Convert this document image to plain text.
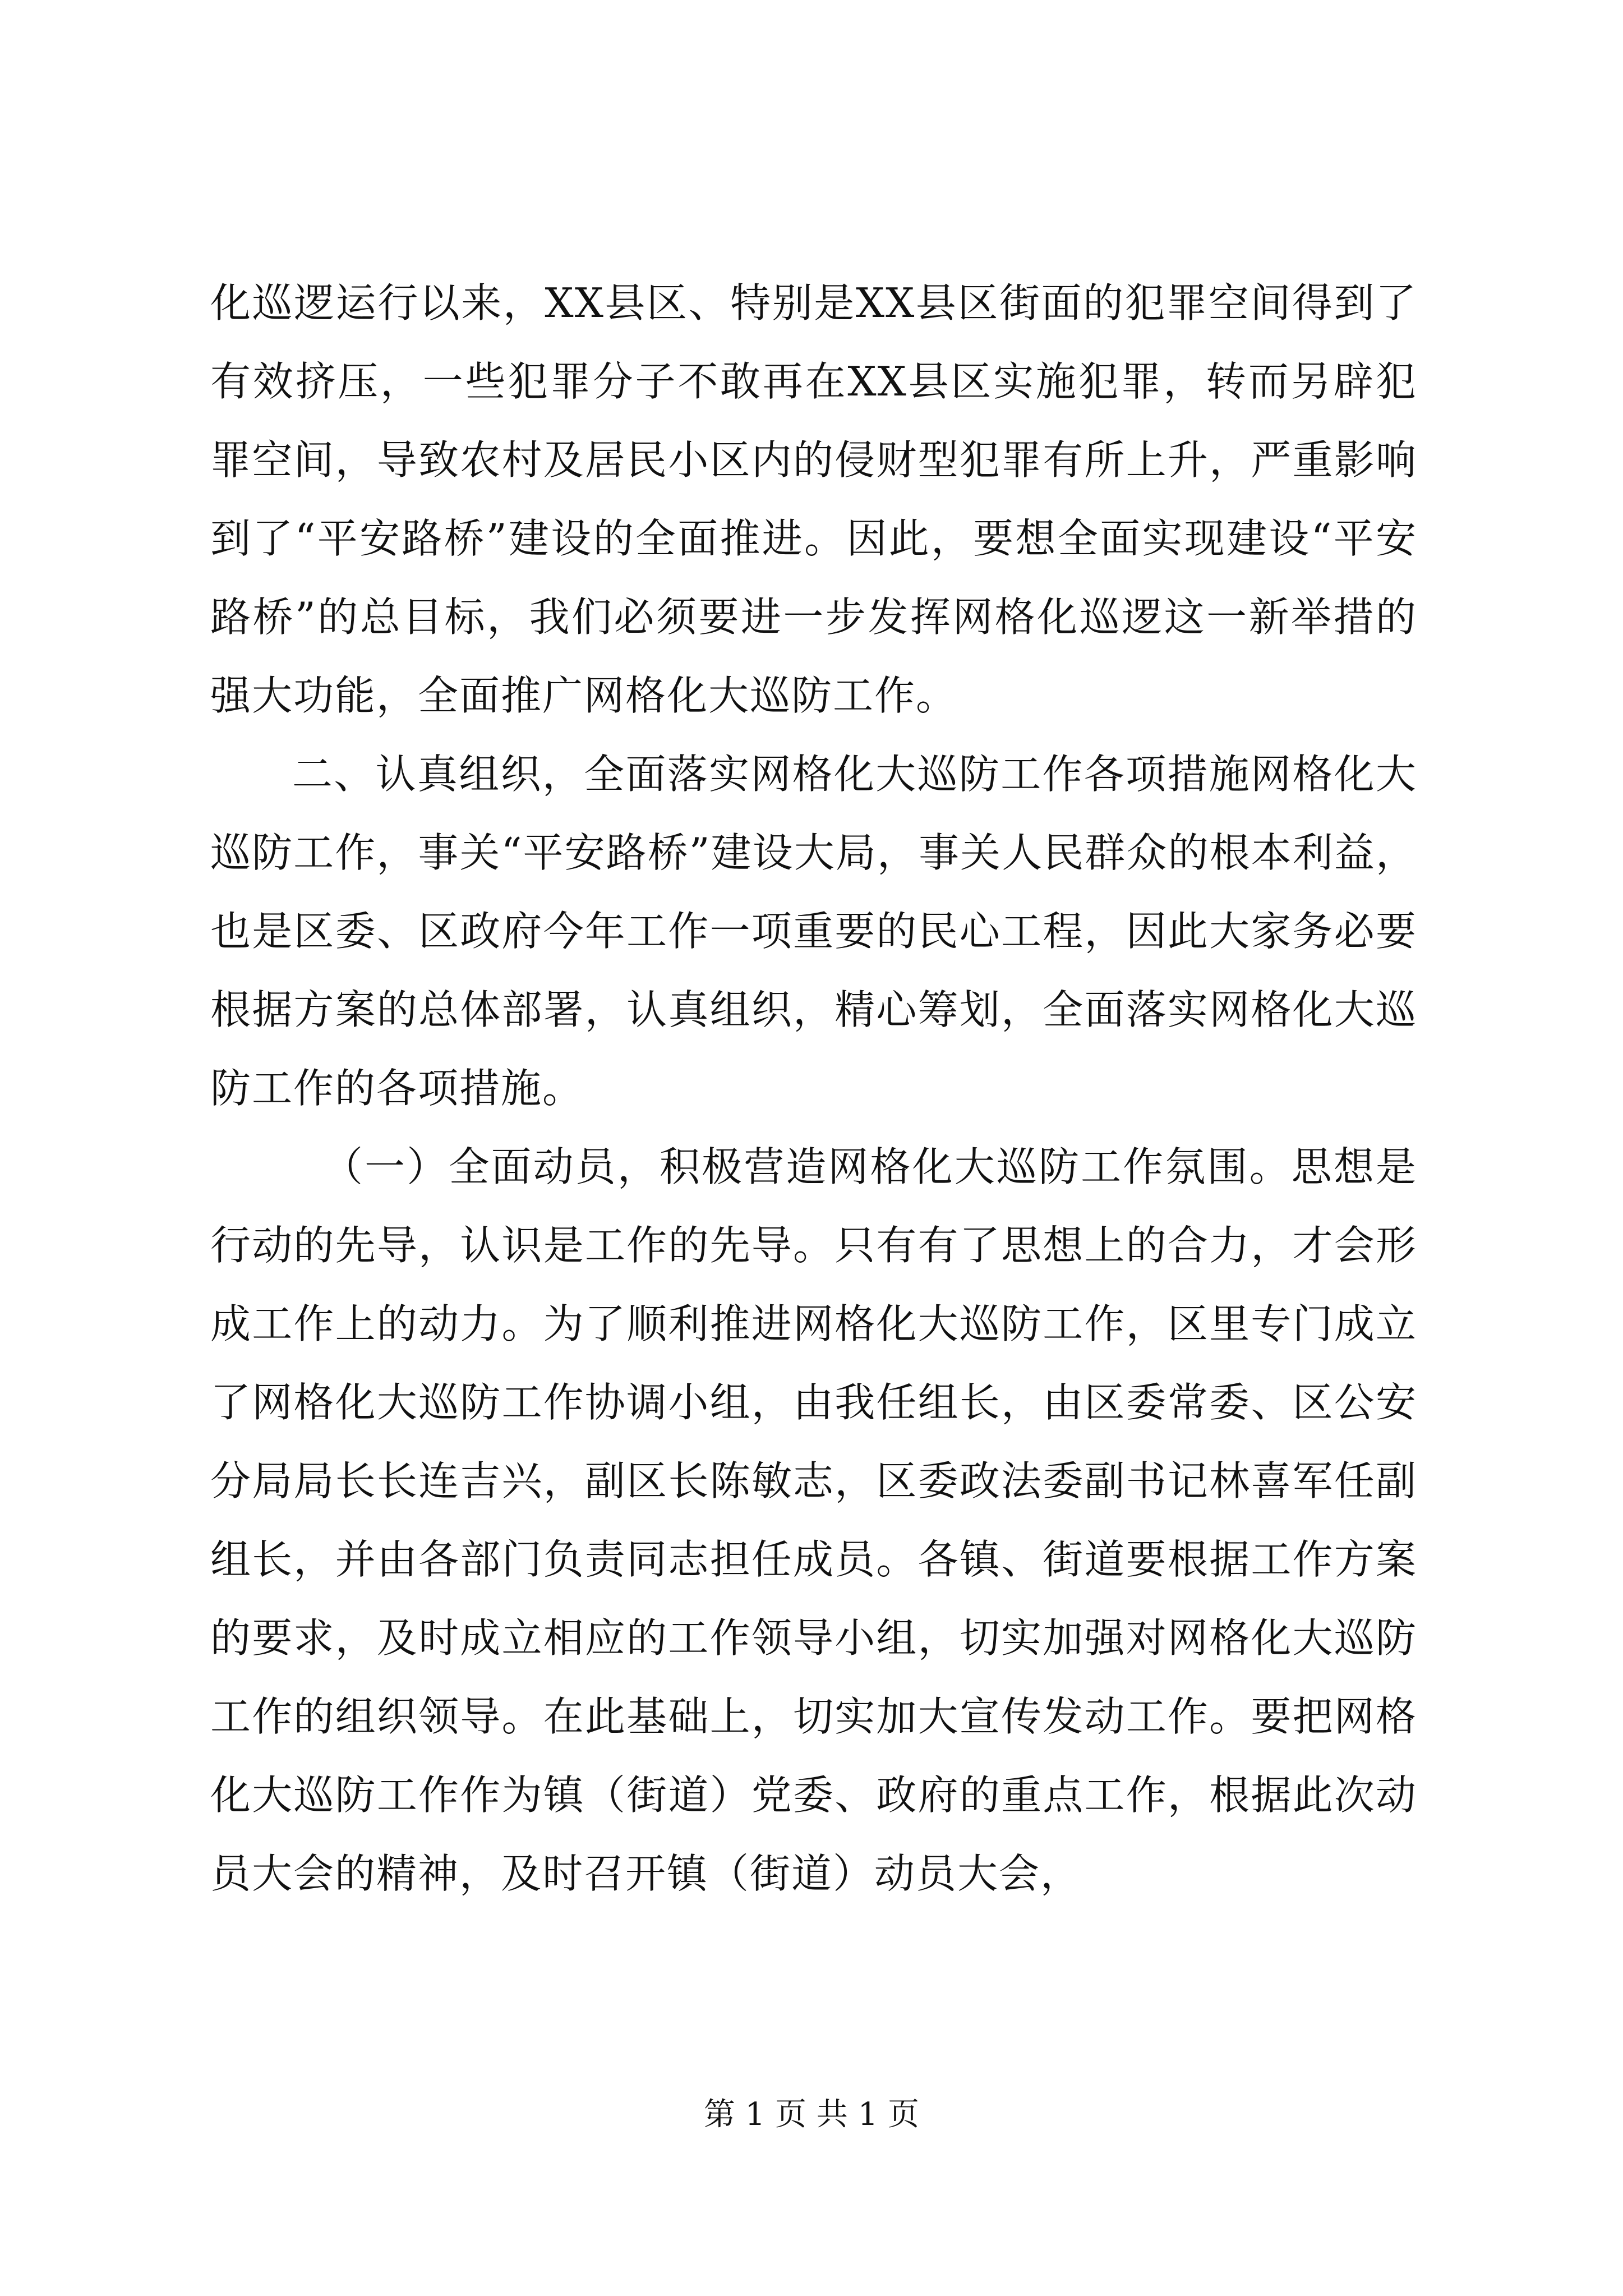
化巡逻运行以来，XX县区、特别是XX县区街面的犯罪空间得到了有效挤压，一些犯罪分子不敢再在XX县区实施犯罪，转而另辟犯罪空间，导致农村及居民小区内的侵财型犯罪有所上升，严重影响到了“平安路桥”建设的全面推进。因此，要想全面实现建设“平安路桥”的总目标，我们必须要进一步发挥网格化巡逻这一新举措的强大功能，全面推广网格化大巡防工作。

二、认真组织，全面落实网格化大巡防工作各项措施网格化大巡防工作，事关“平安路桥”建设大局，事关人民群众的根本利益，也是区委、区政府今年工作一项重要的民心工程，因此大家务必要根据方案的总体部署，认真组织，精心筹划，全面落实网格化大巡防工作的各项措施。

（一）全面动员，积极营造网格化大巡防工作氛围。思想是行动的先导，认识是工作的先导。只有有了思想上的合力，才会形成工作上的动力。为了顺利推进网格化大巡防工作，区里专门成立了网格化大巡防工作协调小组，由我任组长，由区委常委、区公安分局局长长连吉兴，副区长陈敏志，区委政法委副书记林喜军任副组长，并由各部门负责同志担任成员。各镇、街道要根据工作方案的要求，及时成立相应的工作领导小组，切实加强对网格化大巡防工作的组织领导。在此基础上，切实加大宣传发动工作。要把网格化大巡防工作作为镇（街道）党委、政府的重点工作，根据此次动员大会的精神，及时召开镇（街道）动员大会，

第 1 页 共 1 页
